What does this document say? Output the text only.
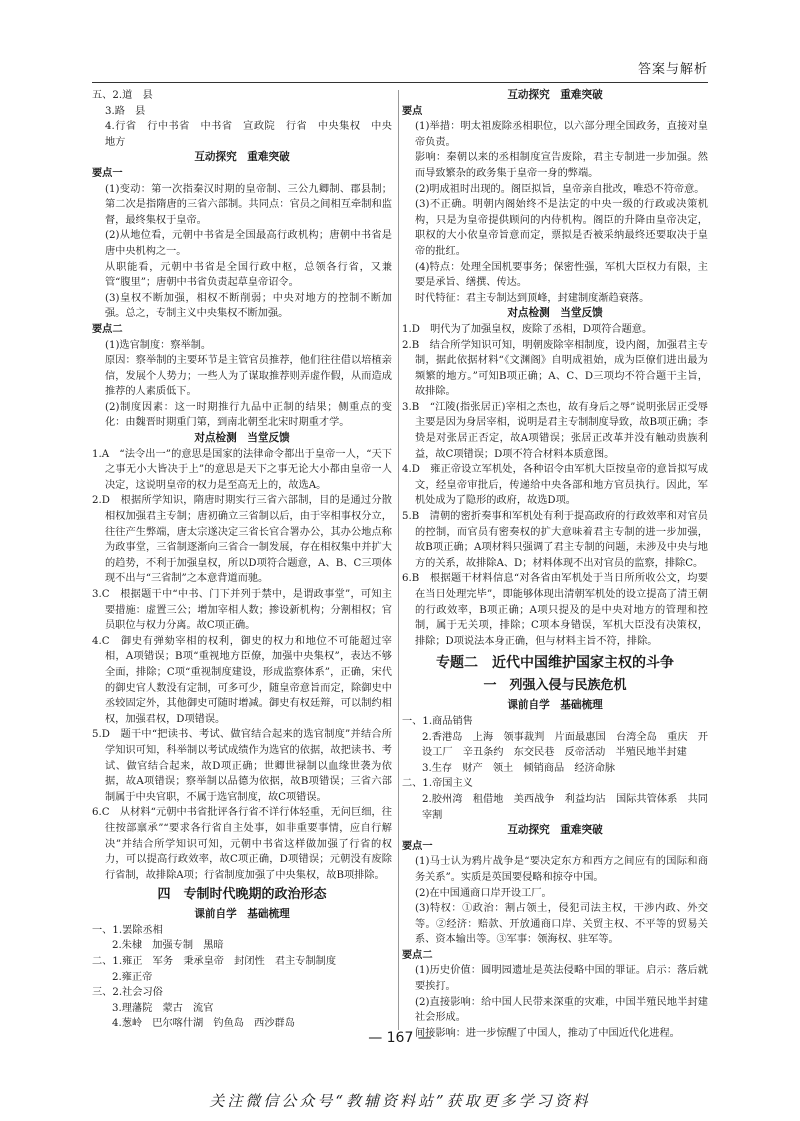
答案与解析

五、2.道　县

3.路　县

4.行省　行中书省　中书省　宣政院　行省　中央集权　中央　地方

互动探究　重难突破

要点一

(1)变动：第一次指秦汉时期的皇帝制、三公九卿制、郡县制；第二次是指隋唐的三省六部制。共同点：官员之间相互牵制和监督，最终集权于皇帝。

(2)从地位看，元朝中书省是全国最高行政机构；唐朝中书省是唐中央机构之一。

从职能看，元朝中书省是全国行政中枢，总领各行省，又兼管“腹里”；唐朝中书省负责起草皇帝诏令。

(3)皇权不断加强，相权不断削弱；中央对地方的控制不断加强。总之，专制主义中央集权不断加强。

要点二

(1)选官制度：察举制。

原因：察举制的主要环节是主管官员推荐，他们往往借以培植亲信，发展个人势力；一些人为了谋取推荐则弄虚作假，从而造成推荐的人素质低下。

(2)制度因素：这一时期推行九品中正制的结果；侧重点的变化：由魏晋时期重门第，到南北朝至北宋时期重才学。

对点检测　当堂反馈

1.A　“法令出一”的意思是国家的法律命令都出于皇帝一人，“天下之事无小大皆决于上”的意思是天下之事无论大小都由皇帝一人决定，这说明皇帝的权力是至高无上的，故选A。

2.D　根据所学知识，隋唐时期实行三省六部制，目的是通过分散相权加强君主专制；唐初确立三省制以后，由于宰相事权分立，往往产生弊端，唐太宗遂决定三省长官合署办公，其办公地点称为政事堂，三省制逐渐向三省合一制发展，存在相权集中并扩大的趋势，不利于加强皇权，所以D项符合题意，A、B、C三项体现不出与“三省制”之本意背道而驰。

3.C　根据题干中“中书、门下并列于禁中，是谓政事堂”，可知主要措施：虚置三公；增加宰相人数；掺设新机构；分割相权；官员职位与权力分离。故C项正确。

4.C　御史有弹劾宰相的权利，御史的权力和地位不可能超过宰相，A项错误；B项“重视地方臣僚，加强中央集权”，表达不够全面，排除；C项“重视制度建设，形成监察体系”，正确，宋代的御史官人数没有定制，可多可少，随皇帝意旨而定，除御史中丞较固定外，其他御史可随时增减。御史有权廷辩，可以制约相权，加强君权，D项错误。

5.D　题干中“把读书、考试、做官结合起来的选官制度”并结合所学知识可知，科举制以考试成绩作为选官的依据，故把读书、考试、做官结合起来，故D项正确；世卿世禄制以血缘世袭为依据，故A项错误；察举制以品德为依据，故B项错误；三省六部制属于中央官职，不属于选官制度，故C项错误。

6.C　从材料“元朝中书省批评各行省不详行体轻重，无问巨细，往往按部禀承”“要求各行省自主处事，如非重要事情，应自行解决”并结合所学知识可知，元朝中书省这样做加强了行省的权力，可以提高行政效率，故C项正确，D项错误；元朝没有废除行省制，故排除A项；行省制度加强了中央集权，故B项排除。

四　专制时代晚期的政治形态

课前自学　基础梳理

一、1.罢除丞相

2.朱棣　加强专制　黑暗

二、1.雍正　军务　秉承皇帝　封闭性　君主专制制度

2.雍正帝

三、2.社会习俗

3.理藩院　蒙古　流官

4.葱岭　巴尔喀什湖　钓鱼岛　西沙群岛

互动探究　重难突破

要点

(1)举措：明太祖废除丞相职位，以六部分理全国政务，直接对皇帝负责。

影响：秦朝以来的丞相制度宣告废除，君主专制进一步加强。然而导致繁杂的政务集于皇帝一身的弊端。

(2)明成祖时出现的。阁臣拟旨，皇帝亲自批改，唯恐不符帝意。

(3)不正确。明朝内阁始终不是法定的中央一级的行政或决策机构，只是为皇帝提供顾问的内侍机构。阁臣的升降由皇帝决定，职权的大小依皇帝旨意而定，票拟是否被采纳最终还要取决于皇帝的批红。

(4)特点：处理全国机要事务；保密性强，军机大臣权力有限，主要是承旨、缮撰、传达。

时代特征：君主专制达到顶峰，封建制度渐趋衰落。

对点检测　当堂反馈

1.D　明代为了加强皇权，废除了丞相，D项符合题意。

2.B　结合所学知识可知，明朝废除宰相制度，设内阁，加强君主专制，据此依据材料“《文渊阁》自明成祖始，成为臣僚们进出最为频繁的地方。”可知B项正确；A、C、D三项均不符合题干主旨，故排除。

3.B　“江陵(指张居正)宰相之杰也，故有身后之辱”说明张居正受辱主要是因为身居宰相，说明是君主专制制度导致，故B项正确；李贽是对张居正否定，故A项错误；张居正改革并没有触动贵族利益，故C项错误；D项不符合材料本质意图。

4.D　雍正帝设立军机处，各种诏令由军机大臣按皇帝的意旨拟写成文，经皇帝审批后，传递给中央各部和地方官员执行。因此，军机处成为了隐形的政府，故选D项。

5.B　清朝的密折奏事和军机处有利于提高政府的行政效率和对官员的控制，而官员有密奏权的扩大意味着君主专制的进一步加强，故B项正确；A项材料只强调了君主专制的问题，未涉及中央与地方的关系，故排除A、D；材料体现不出对官员的监察，排除C。

6.B　根据题干材料信息“对各省由军机处于当日所所收公文，均要在当日处理完毕”，即能够体现出清朝军机处的设立提高了清王朝的行政效率，B项正确；A项只提及的是中央对地方的管理和控制，属于无关项，排除；C项本身错误，军机大臣没有决策权，排除；D项说法本身正确，但与材料主旨不符，排除。

专题二　近代中国维护国家主权的斗争

一　列强入侵与民族危机

课前自学　基础梳理

一、1.商品销售

2.香港岛　上海　领事裁判　片面最惠国　台湾全岛　重庆　开设工厂　辛丑条约　东交民巷　反帝活动　半殖民地半封建

3.生存　财产　领土　倾销商品　经济命脉

二、1.帝国主义

2.胶州湾　租借地　美西战争　利益均沾　国际共管体系　共同宰割

互动探究　重难突破

要点一

(1)马士认为鸦片战争是“要决定东方和西方之间应有的国际和商务关系”。实质是英国要侵略和掠夺中国。

(2)在中国通商口岸开设工厂。

(3)特权：①政治：割占领土，侵犯司法主权，干涉内政、外交等。②经济：赔款、开放通商口岸、关贸主权、不平等的贸易关系、资本输出等。③军事：领海权、驻军等。

要点二

(1)历史价值：圆明园遗址是英法侵略中国的罪证。启示：落后就要挨打。

(2)直接影响：给中国人民带来深重的灾难，中国半殖民地半封建社会形成。

间接影响：进一步惊醒了中国人，推动了中国近代化进程。

— 167 —
关注微信公众号“教辅资料站”获取更多学习资料
